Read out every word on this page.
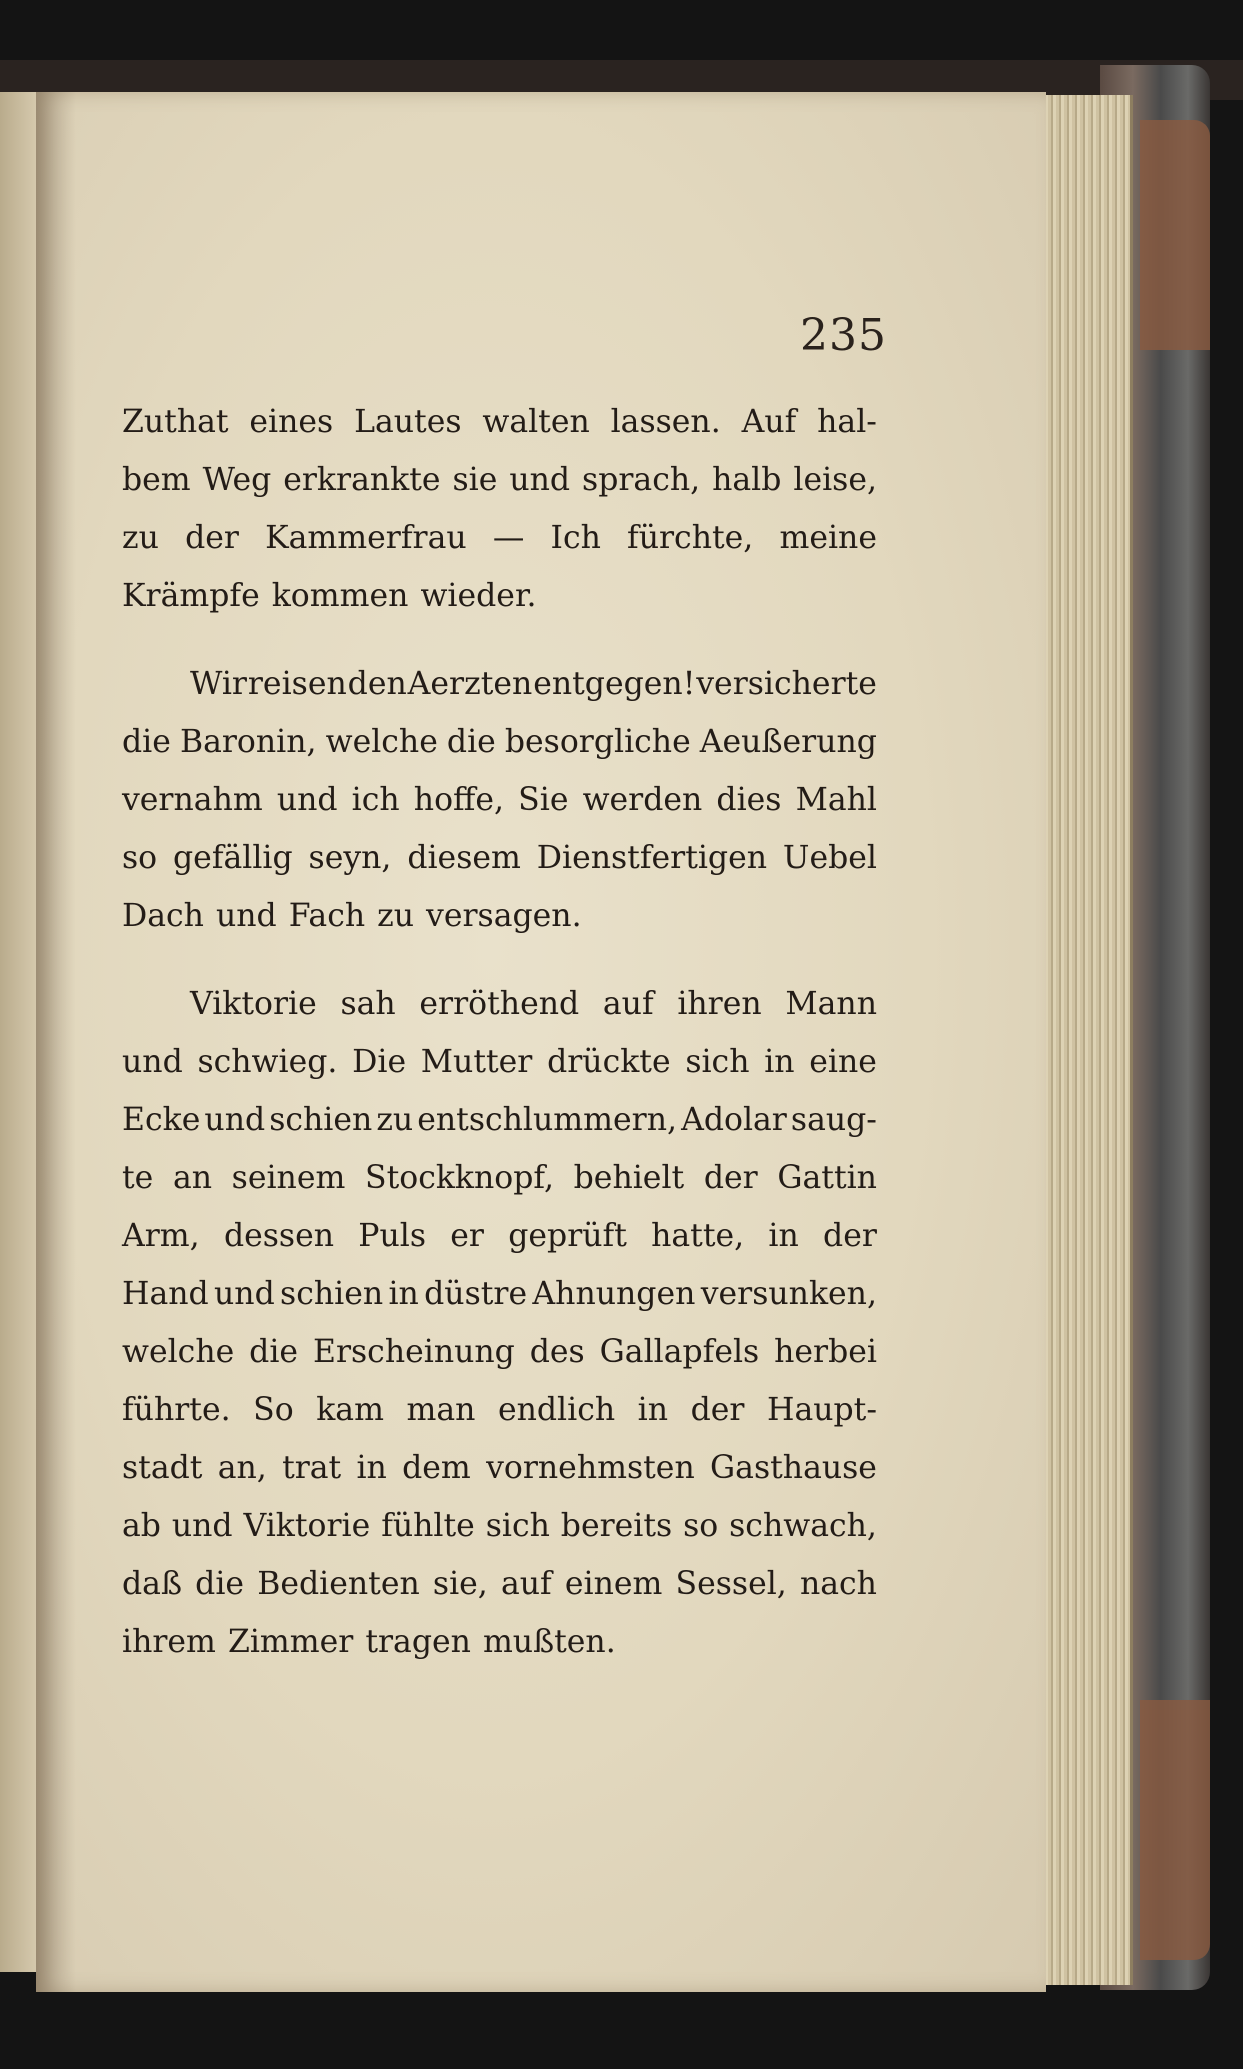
235
Zuthat eines Lautes walten lassen. Auf hal-
bem Weg erkrankte sie und sprach, halb leise,
zu der Kammerfrau — Ich fürchte, meine
Krämpfe kommen wieder.
Wir reisen den Aerzten entgegen! versicherte
die Baronin, welche die besorgliche Aeußerung
vernahm und ich hoffe, Sie werden dies Mahl
so gefällig seyn, diesem Dienstfertigen Uebel
Dach und Fach zu versagen.
Viktorie sah erröthend auf ihren Mann
und schwieg. Die Mutter drückte sich in eine
Ecke und schien zu entschlummern, Adolar saug-
te an seinem Stockknopf, behielt der Gattin
Arm, dessen Puls er geprüft hatte, in der
Hand und schien in düstre Ahnungen versunken,
welche die Erscheinung des Gallapfels herbei
führte. So kam man endlich in der Haupt-
stadt an, trat in dem vornehmsten Gasthause
ab und Viktorie fühlte sich bereits so schwach,
daß die Bedienten sie, auf einem Sessel, nach
ihrem Zimmer tragen mußten.
